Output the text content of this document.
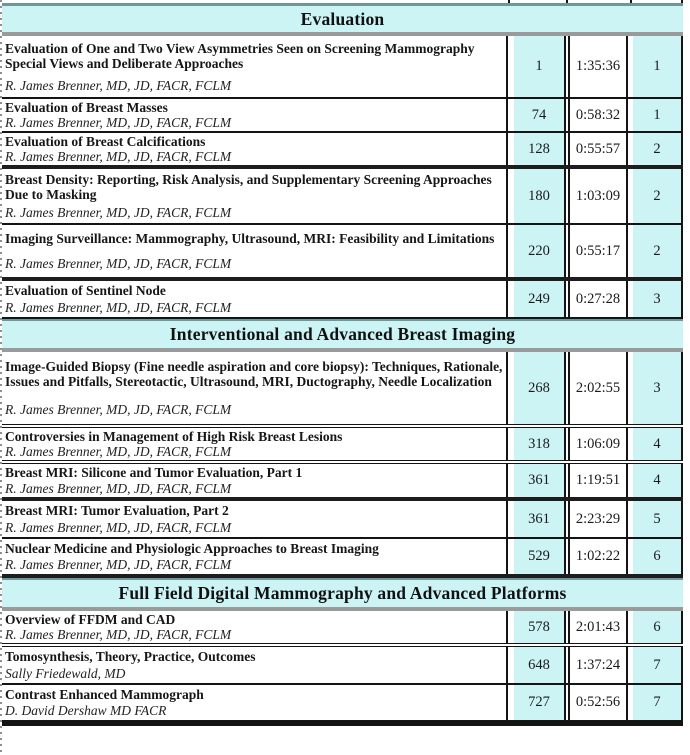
Evaluation
Evaluation of One and Two View Asymmetries Seen on Screening Mammography Special Views and Deliberate Approaches
R. James Brenner, MD, JD, FACR, FCLM
1	1:35:36	1
Evaluation of Breast Masses
R. James Brenner, MD, JD, FACR, FCLM	74	0:58:32	1
Evaluation of Breast Calcifications
R. James Brenner, MD, JD, FACR, FCLM	128	0:55:57	2
Breast Density: Reporting, Risk Analysis, and Supplementary Screening Approaches Due to Masking
R. James Brenner, MD, JD, FACR, FCLM
180	1:03:09	2
Imaging Surveillance: Mammography, Ultrasound, MRI: Feasibility and Limitations
R. James Brenner, MD, JD, FACR, FCLM
220	0:55:17	2
Evaluation of Sentinel Node
R. James Brenner, MD, JD, FACR, FCLM
249	0:27:28	3
Interventional and Advanced Breast Imaging
Image-Guided Biopsy (Fine needle aspiration and core biopsy): Techniques, Rationale, Issues and Pitfalls, Stereotactic, Ultrasound, MRI, Ductography, Needle Localization
R. James Brenner, MD, JD, FACR, FCLM
268	2:02:55	3
Controversies in Management of High Risk Breast Lesions
R. James Brenner, MD, JD, FACR, FCLM	318	1:06:09	4
Breast MRI: Silicone and Tumor Evaluation, Part 1
R. James Brenner, MD, JD, FACR, FCLM
361	1:19:51	4
Breast MRI: Tumor Evaluation, Part 2
R. James Brenner, MD, JD, FACR, FCLM
361	2:23:29	5
Nuclear Medicine and Physiologic Approaches to Breast Imaging
R. James Brenner, MD, JD, FACR, FCLM
529	1:02:22	6
Full Field Digital Mammography and Advanced Platforms
Overview of FFDM and CAD
R. James Brenner, MD, JD, FACR, FCLM	578	2:01:43	6
Tomosynthesis, Theory, Practice, Outcomes
Sally Friedewald, MD
648	1:37:24	7
Contrast Enhanced Mammograph
D. David Dershaw MD FACR
727	0:52:56	7
